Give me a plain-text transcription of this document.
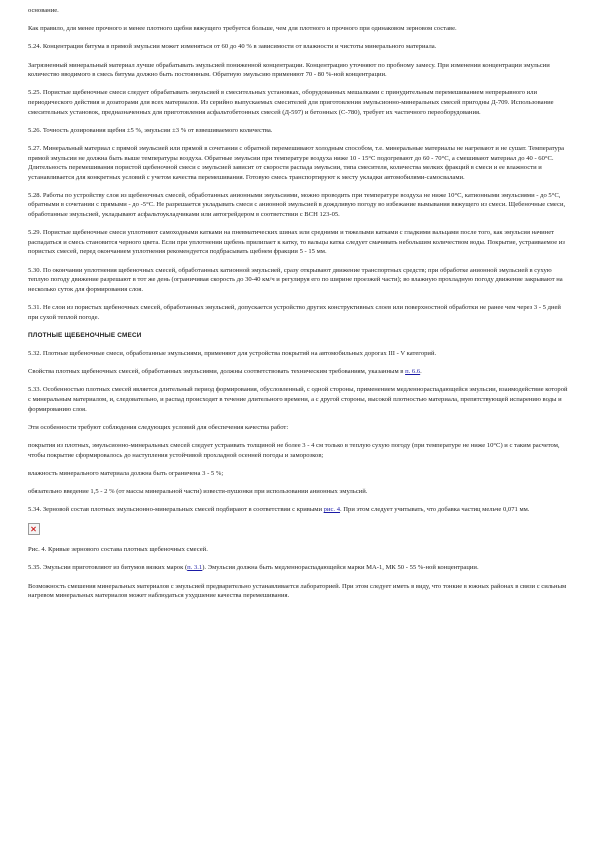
основание.

Как правило, для менее прочного и менее плотного щебня вяжущего требуется больше, чем для плотного и прочного при одинаковом зерновом составе.

5.24. Концентрация битума в прямой эмульсии может изменяться от 60 до 40 % в зависимости от влажности и чистоты минерального материала.

Загрязненный минеральный материал лучше обрабатывать эмульсией пониженной концентрации. Концентрацию уточняют по пробному замесу. При изменении концентрации эмульсии количество вводимого в смесь битума должно быть постоянным. Обратную эмульсию применяют 70 - 80 %-ной концентрации.

5.25. Пористые щебеночные смеси следует обрабатывать эмульсией в смесительных установках, оборудованных мешалками с принудительным перемешиванием непрерывного или периодического действия и дозаторами для всех материалов. Из серийно выпускаемых смесителей для приготовления эмульсионно-минеральных смесей пригодны Д-709. Использование смесительных установок, предназначенных для приготовления асфальтобетонных смесей (Д-597) и бетонных (С-780), требует их частичного переоборудования.

5.26. Точность дозирования щебня ±5 %, эмульсии ±3 % от взвешиваемого количества.

5.27. Минеральный материал с прямой эмульсией или прямой в сочетании с обратной перемешивают холодным способом, т.е. минеральные материалы не нагревают и не сушат. Температура прямой эмульсии не должна быть выше температуры воздуха. Обратные эмульсии при температуре воздуха ниже 10 - 15°С подогревают до 60 - 70°С, а смешивают материал до 40 - 60°С. Длительность перемешивания пористой щебеночной смеси с эмульсией зависит от скорости распада эмульсии, типа смесителя, количества мелких фракций в смеси и ее влажности и устанавливается для конкретных условий с учетом качества перемешивания. Готовую смесь транспортируют к месту укладки автомобилями-самосвалами.

5.28. Работы по устройству слоя из щебеночных смесей, обработанных анионными эмульсиями, можно проводить при температуре воздуха не ниже 10°С, катионными эмульсиями - до 5°С, обратными в сочетании с прямыми - до -5°С. Не разрешается укладывать смеси с анионной эмульсией в дождливую погоду во избежание вымывания вяжущего из смеси. Щебеночные смеси, обработанные эмульсией, укладывают асфальтоукладчиками или автогрейдером в соответствии с ВСН 123-05.

5.29. Пористые щебеночные смеси уплотняют самоходными катками на пневматических шинах или средними и тяжелыми катками с гладкими вальцами после того, как эмульсия начинет распадаться и смесь становится черного цвета. Если при уплотнении щебень прилипает к катку, то вальцы катка следует смачивать небольшим количеством воды. Покрытие, устраиваемое из пористых смесей, перед окончанием уплотнения рекомендуется подбрасывать щебнем фракции 5 - 15 мм.

5.30. По окончании уплотнения щебеночных смесей, обработанных катионной эмульсией, сразу открывают движение транспортных средств; при обработке анионной эмульсией в сухую теплую погоду движение разрешают в тот же день (ограничивая скорость до 30-40 км/ч и регулируя его по ширине проезжей части); во влажную прохладную погоду движение закрывают на несколько суток для формирования слоя.

5.31. Не слои из пористых щебеночных смесей, обработанных эмульсией, допускается устройство других конструктивных слоев или поверхностной обработки не ранее чем через 3 - 5 дней при сухой теплой погоде.

ПЛОТНЫЕ ЩЕБЕНОЧНЫЕ СМЕСИ

5.32. Плотные щебеночные смеси, обработанные эмульсиями, применяют для устройства покрытий на автомобильных дорогах III - V категорий.

Свойства плотных щебеночных смесей, обработанных эмульсиями, должны соответствовать техническим требованиям, указанным в п. 6.6.

5.33. Особенностью плотных смесей является длительный период формирования, обусловленный, с одной стороны, применением медленнораспадающейся эмульсии, взаимодействие которой с минеральным материалом, и, следовательно, и распад происходят в течение длительного времени, а с другой стороны, высокой плотностью материала, препятствующей испарению воды и формированию слоя.

Эти особенности требуют соблюдения следующих условий для обеспечения качества работ:

покрытия из плотных, эмульсионно-минеральных смесей следует устраивать толщиной не более 3 - 4 см только в теплую сухую погоду (при температуре не ниже 10°С) и с таким расчетом, чтобы покрытие сформировалось до наступления устойчивой прохладной осенней погоды и заморозков;

влажность минерального материала должна быть ограничена 3 - 5 %;

обязательно введение 1,5 - 2 % (от массы минеральной части) извести-пушонки при использовании анионных эмульсий.

5.34. Зерновой состав плотных эмульсионно-минеральных смесей подбирают в соответствии с кривыми рис. 4. При этом следует учитывать, что добавка частиц мельче 0,071 мм.

Рис. 4. Кривые зернового состава плотных щебеночных смесей.

5.35. Эмульсии приготовляют из битумов вязких марок (п. 3.1). Эмульсия должна быть медленнораспадающейся марки МА-1, МК 50 - 55 %-ной концентрации.

Возможность смешения минеральных материалов с эмульсией предварительно устанавливается лабораторией. При этом следует иметь в виду, что тонкие в южных районах в связи с сильным нагревом минеральных материалов может наблюдаться ухудшение качества перемешивания.
